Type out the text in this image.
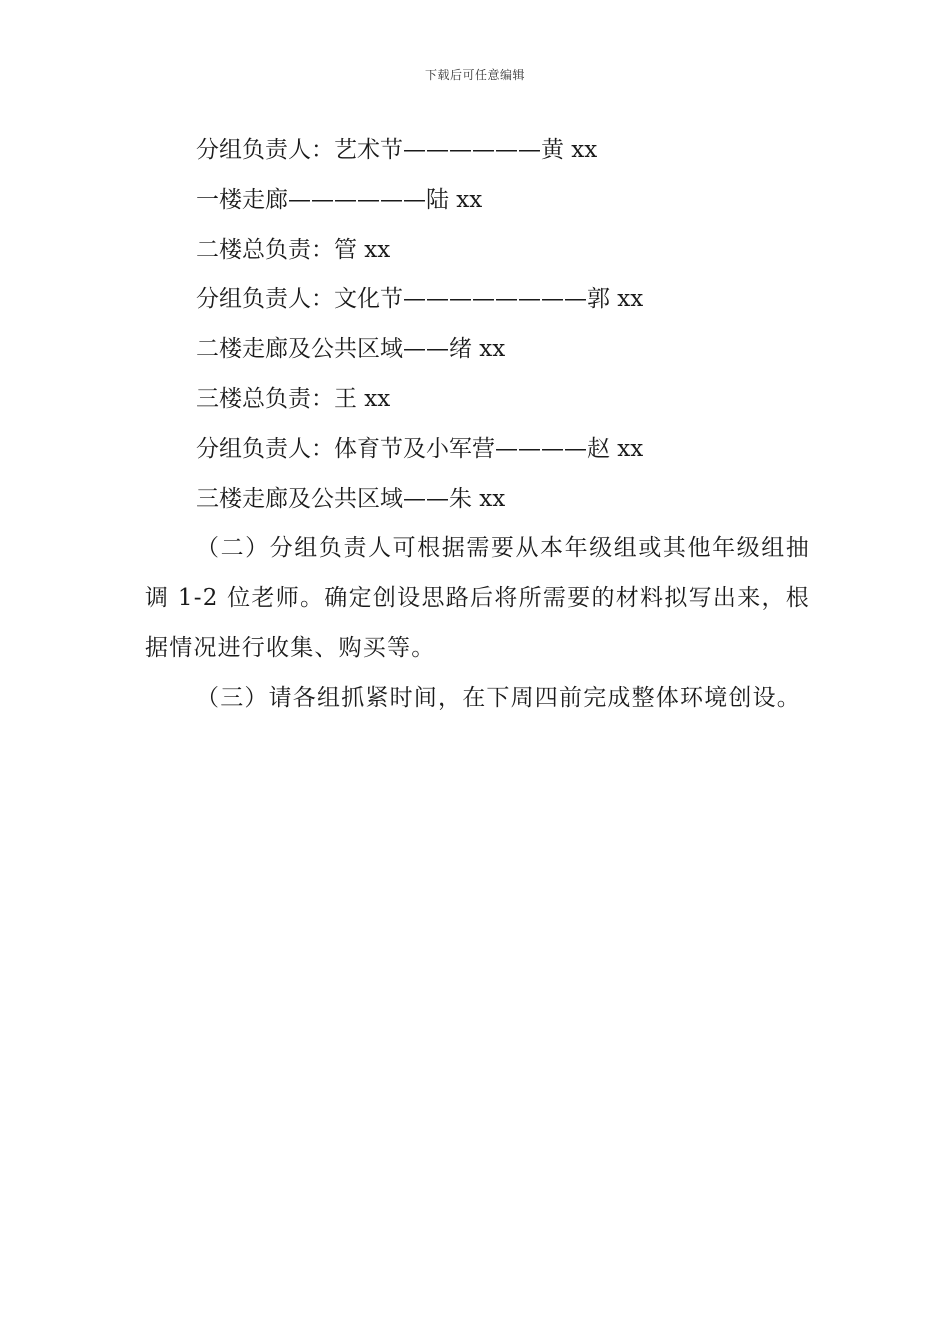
下载后可任意编辑
分组负责人：艺术节——————黄 xx
一楼走廊——————陆 xx
二楼总负责：管 xx
分组负责人：文化节————————郭 xx
二楼走廊及公共区域——绪 xx
三楼总负责：王 xx
分组负责人：体育节及小军营————赵 xx
三楼走廊及公共区域——朱 xx

（二）分组负责人可根据需要从本年级组或其他年级组抽调 1-2 位老师。确定创设思路后将所需要的材料拟写出来，根据情况进行收集、购买等。

（三）请各组抓紧时间，在下周四前完成整体环境创设。
